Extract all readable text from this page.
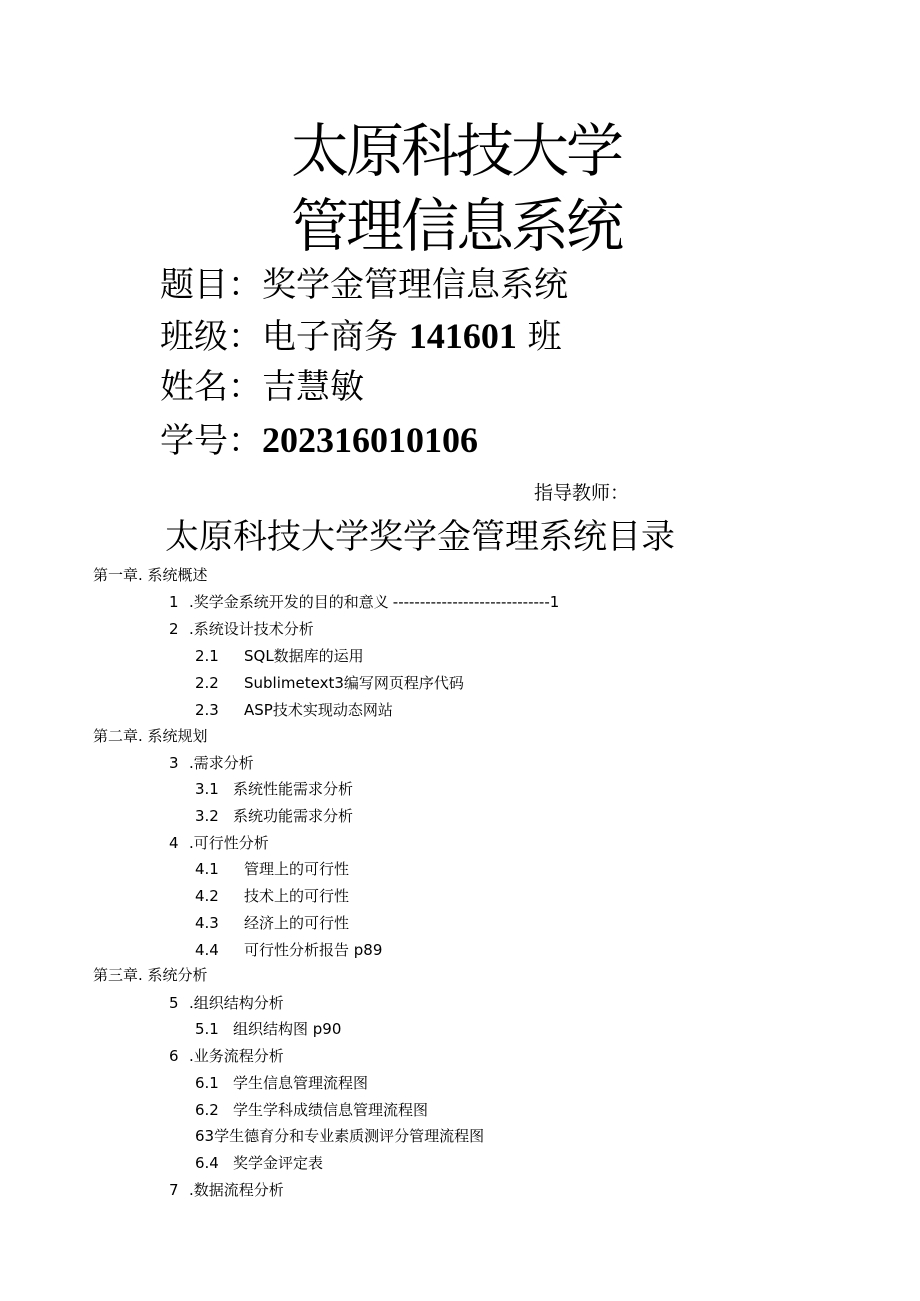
太原科技大学
管理信息系统
题目：奖学金管理信息系统
班级：电子商务 141601 班
姓名：吉慧敏
学号：202316010106
指导教师：
太原科技大学奖学金管理系统目录
第一章. 系统概述
1 .奖学金系统开发的目的和意义 -----------------------------1
2 .系统设计技术分析
2.1 SQL数据库的运用
2.2 Sublimetext3编写网页程序代码
2.3 ASP技术实现动态网站
第二章. 系统规划
3 .需求分析
3.1 系统性能需求分析
3.2 系统功能需求分析
4 .可行性分析
4.1 管理上的可行性
4.2 技术上的可行性
4.3 经济上的可行性
4.4 可行性分析报告 p89
第三章. 系统分析
5 .组织结构分析
5.1 组织结构图 p90
6 .业务流程分析
6.1 学生信息管理流程图
6.2 学生学科成绩信息管理流程图
63学生德育分和专业素质测评分管理流程图
6.4 奖学金评定表
7 .数据流程分析
